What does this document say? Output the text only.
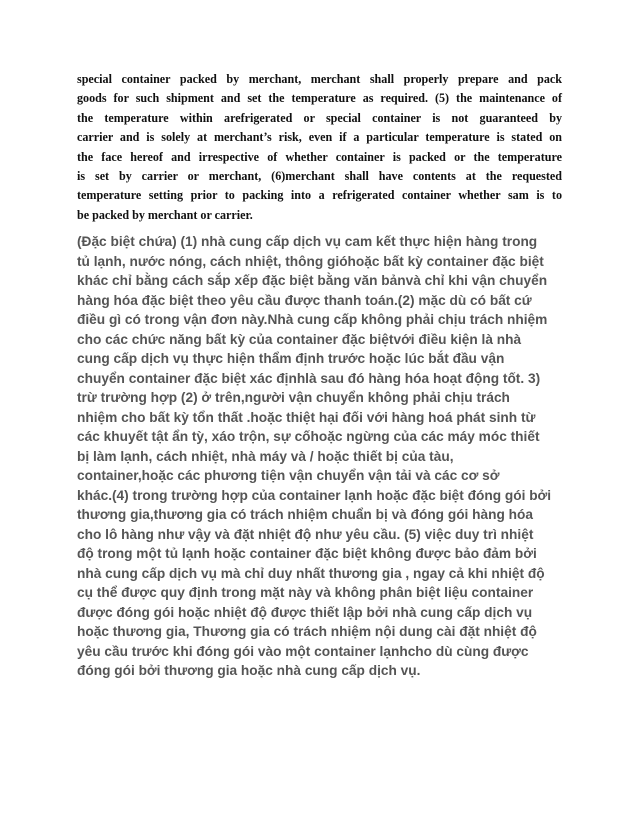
special container packed by merchant, merchant shall properly prepare and pack
goods for such shipment and set the temperature as required. (5) the maintenance of
the temperature within arefrigerated or special container is not guaranteed by
carrier and is solely at merchant’s risk, even if a particular temperature is stated on
the face hereof and irrespective of whether container is packed or the temperature
is set by carrier or merchant, (6)merchant shall have contents at the requested
temperature setting prior to packing into a refrigerated container whether sam is to
be packed by merchant or carrier.

(Đặc biệt chứa) (1) nhà cung cấp dịch vụ cam kết thực hiện hàng trong
tủ lạnh, nước nóng, cách nhiệt, thông gióhoặc bất kỳ container đặc biệt
khác chỉ bằng cách sắp xếp đặc biệt bằng văn bảnvà chỉ khi vận chuyển
hàng hóa đặc biệt theo yêu cầu được thanh toán.(2) mặc dù có bất cứ
điều gì có trong vận đơn này.Nhà cung cấp không phải chịu trách nhiệm
cho các chức năng bất kỳ của container đặc biệtvới điều kiện là nhà
cung cấp dịch vụ thực hiện thẩm định trước hoặc lúc bắt đầu vận
chuyển container đặc biệt xác địnhlà sau đó hàng hóa hoạt động tốt. 3)
trừ trường hợp (2) ở trên,người vận chuyển không phải chịu trách
nhiệm cho bất kỳ tổn thất .hoặc thiệt hại đối với hàng hoá phát sinh từ
các khuyết tật ẩn tỳ, xáo trộn, sự cốhoặc ngừng của các máy móc thiết
bị làm lạnh, cách nhiệt, nhà máy và / hoặc thiết bị của tàu,
container,hoặc các phương tiện vận chuyển vận tải và các cơ sở
khác.(4) trong trường hợp của container lạnh hoặc đặc biệt đóng gói bởi
thương gia,thương gia có trách nhiệm chuẩn bị và đóng gói hàng hóa
cho lô hàng như vậy và đặt nhiệt độ như yêu cầu. (5) việc duy trì nhiệt
độ trong một tủ lạnh hoặc container đặc biệt không được bảo đảm bởi
nhà cung cấp dịch vụ mà chỉ duy nhất thương gia , ngay cả khi nhiệt độ
cụ thể được quy định trong mặt này và không phân biệt liệu container
được đóng gói hoặc nhiệt độ được thiết lập bởi nhà cung cấp dịch vụ
hoặc thương gia, Thương gia có trách nhiệm nội dung cài đặt nhiệt độ
yêu cầu trước khi đóng gói vào một container lạnhcho dù cùng được
đóng gói bởi thương gia hoặc nhà cung cấp dịch vụ.
